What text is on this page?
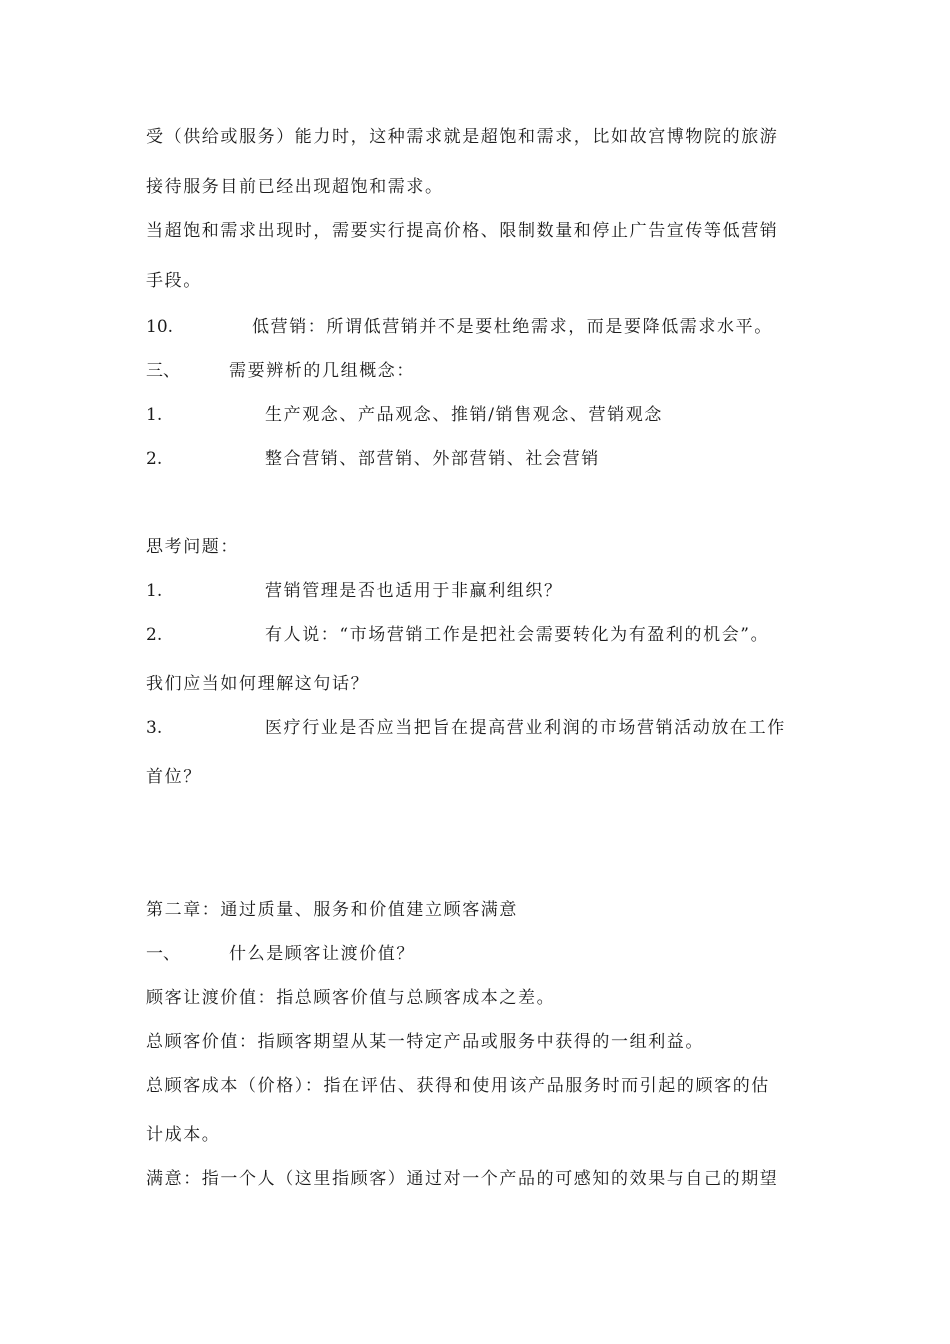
受（供给或服务）能力时，这种需求就是超饱和需求，比如故宫博物院的旅游
接待服务目前已经出现超饱和需求。
当超饱和需求出现时，需要实行提高价格、限制数量和停止广告宣传等低营销
手段。
10.	低营销：所谓低营销并不是要杜绝需求，而是要降低需求水平。
三、	需要辨析的几组概念：
1.	生产观念、产品观念、推销/销售观念、营销观念
2.	整合营销、部营销、外部营销、社会营销
思考问题：
1.	营销管理是否也适用于非赢利组织？
2.	有人说：“市场营销工作是把社会需要转化为有盈利的机会”。
我们应当如何理解这句话？
3.	医疗行业是否应当把旨在提高营业利润的市场营销活动放在工作
首位？
第二章：通过质量、服务和价值建立顾客满意
一、	什么是顾客让渡价值？
顾客让渡价值：指总顾客价值与总顾客成本之差。
总顾客价值：指顾客期望从某一特定产品或服务中获得的一组利益。
总顾客成本（价格）：指在评估、获得和使用该产品服务时而引起的顾客的估
计成本。
满意：指一个人（这里指顾客）通过对一个产品的可感知的效果与自己的期望
